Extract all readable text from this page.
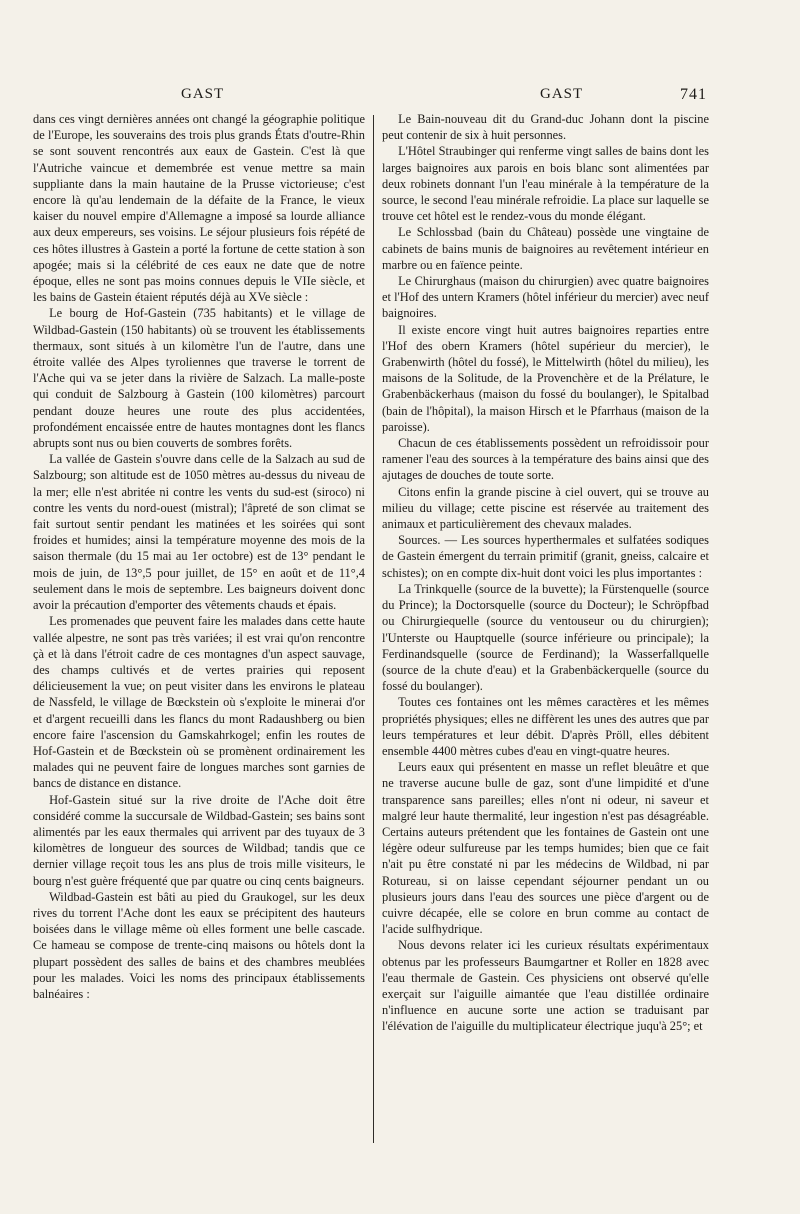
GAST	GAST	741

dans ces vingt dernières années ont changé la géographie politique de l'Europe, les souverains des trois plus grands États d'outre-Rhin se sont souvent rencontrés aux eaux de Gastein. C'est là que l'Autriche vaincue et demembrée est venue mettre sa main suppliante dans la main hautaine de la Prusse victorieuse; c'est encore là qu'au lendemain de la défaite de la France, le vieux kaiser du nouvel empire d'Allemagne a imposé sa lourde alliance aux deux empereurs, ses voisins. Le séjour plusieurs fois répété de ces hôtes illustres à Gastein a porté la fortune de cette station à son apogée; mais si la célébrité de ces eaux ne date que de notre époque, elles ne sont pas moins connues depuis le VIIe siècle, et les bains de Gastein étaient réputés déjà au XVe siècle :

Le bourg de Hof-Gastein (735 habitants) et le village de Wildbad-Gastein (150 habitants) où se trouvent les établissements thermaux, sont situés à un kilomètre l'un de l'autre, dans une étroite vallée des Alpes tyroliennes que traverse le torrent de l'Ache qui va se jeter dans la rivière de Salzach. La malle-poste qui conduit de Salzbourg à Gastein (100 kilomètres) parcourt pendant douze heures une route des plus accidentées, profondément encaissée entre de hautes montagnes dont les flancs abrupts sont nus ou bien couverts de sombres forêts.

La vallée de Gastein s'ouvre dans celle de la Salzach au sud de Salzbourg; son altitude est de 1050 mètres au-dessus du niveau de la mer; elle n'est abritée ni contre les vents du sud-est (siroco) ni contre les vents du nord-ouest (mistral); l'âpreté de son climat se fait surtout sentir pendant les matinées et les soirées qui sont froides et humides; ainsi la température moyenne des mois de la saison thermale (du 15 mai au 1er octobre) est de 13° pendant le mois de juin, de 13°,5 pour juillet, de 15° en août et de 11°,4 seulement dans le mois de septembre. Les baigneurs doivent donc avoir la précaution d'emporter des vêtements chauds et épais.

Les promenades que peuvent faire les malades dans cette haute vallée alpestre, ne sont pas très variées; il est vrai qu'on rencontre çà et là dans l'étroit cadre de ces montagnes d'un aspect sauvage, des champs cultivés et de vertes prairies qui reposent délicieusement la vue; on peut visiter dans les environs le plateau de Nassfeld, le village de Bœckstein où s'exploite le minerai d'or et d'argent recueilli dans les flancs du mont Radaushberg ou bien encore faire l'ascension du Gamskahrkogel; enfin les routes de Hof-Gastein et de Bœckstein où se promènent ordinairement les malades qui ne peuvent faire de longues marches sont garnies de bancs de distance en distance.

Hof-Gastein situé sur la rive droite de l'Ache doit être considéré comme la succursale de Wildbad-Gastein; ses bains sont alimentés par les eaux thermales qui arrivent par des tuyaux de 3 kilomètres de longueur des sources de Wildbad; tandis que ce dernier village reçoit tous les ans plus de trois mille visiteurs, le bourg n'est guère fréquenté que par quatre ou cinq cents baigneurs.

Wildbad-Gastein est bâti au pied du Graukogel, sur les deux rives du torrent l'Ache dont les eaux se précipitent des hauteurs boisées dans le village même où elles forment une belle cascade. Ce hameau se compose de trente-cinq maisons ou hôtels dont la plupart possèdent des salles de bains et des chambres meublées pour les malades. Voici les noms des principaux établissements balnéaires :

Le Bain-nouveau dit du Grand-duc Johann dont la piscine peut contenir de six à huit personnes.

L'Hôtel Straubinger qui renferme vingt salles de bains dont les larges baignoires aux parois en bois blanc sont alimentées par deux robinets donnant l'un l'eau minérale à la température de la source, le second l'eau minérale refroidie. La place sur laquelle se trouve cet hôtel est le rendez-vous du monde élégant.

Le Schlossbad (bain du Château) possède une vingtaine de cabinets de bains munis de baignoires au revêtement intérieur en marbre ou en faïence peinte.

Le Chirurghaus (maison du chirurgien) avec quatre baignoires et l'Hof des untern Kramers (hôtel inférieur du mercier) avec neuf baignoires.

Il existe encore vingt huit autres baignoires reparties entre l'Hof des obern Kramers (hôtel supérieur du mercier), le Grabenwirth (hôtel du fossé), le Mittelwirth (hôtel du milieu), les maisons de la Solitude, de la Provenchère et de la Prélature, le Grabenbäckerhaus (maison du fossé du boulanger), le Spitalbad (bain de l'hôpital), la maison Hirsch et le Pfarrhaus (maison de la paroisse).

Chacun de ces établissements possèdent un refroidissoir pour ramener l'eau des sources à la température des bains ainsi que des ajutages de douches de toute sorte.

Citons enfin la grande piscine à ciel ouvert, qui se trouve au milieu du village; cette piscine est réservée au traitement des animaux et particulièrement des chevaux malades.

Sources. — Les sources hyperthermales et sulfatées sodiques de Gastein émergent du terrain primitif (granit, gneiss, calcaire et schistes); on en compte dix-huit dont voici les plus importantes :

La Trinkquelle (source de la buvette); la Fürstenquelle (source du Prince); la Doctorsquelle (source du Docteur); le Schröpfbad ou Chirurgiequelle (source du ventouseur ou du chirurgien); l'Unterste ou Hauptquelle (source inférieure ou principale); la Ferdinandsquelle (source de Ferdinand); la Wasserfallquelle (source de la chute d'eau) et la Grabenbäckerquelle (source du fossé du boulanger).

Toutes ces fontaines ont les mêmes caractères et les mêmes propriétés physiques; elles ne diffèrent les unes des autres que par leurs températures et leur débit. D'après Pröll, elles débitent ensemble 4400 mètres cubes d'eau en vingt-quatre heures.

Leurs eaux qui présentent en masse un reflet bleuâtre et que ne traverse aucune bulle de gaz, sont d'une limpidité et d'une transparence sans pareilles; elles n'ont ni odeur, ni saveur et malgré leur haute thermalité, leur ingestion n'est pas désagréable. Certains auteurs prétendent que les fontaines de Gastein ont une légère odeur sulfureuse par les temps humides; bien que ce fait n'ait pu être constaté ni par les médecins de Wildbad, ni par Rotureau, si on laisse cependant séjourner pendant un ou plusieurs jours dans l'eau des sources une pièce d'argent ou de cuivre décapée, elle se colore en brun comme au contact de l'acide sulfhydrique.

Nous devons relater ici les curieux résultats expérimentaux obtenus par les professeurs Baumgartner et Roller en 1828 avec l'eau thermale de Gastein. Ces physiciens ont observé qu'elle exerçait sur l'aiguille aimantée que l'eau distillée ordinaire n'influence en aucune sorte une action se traduisant par l'élévation de l'aiguille du multiplicateur électrique juqu'à 25°; et
